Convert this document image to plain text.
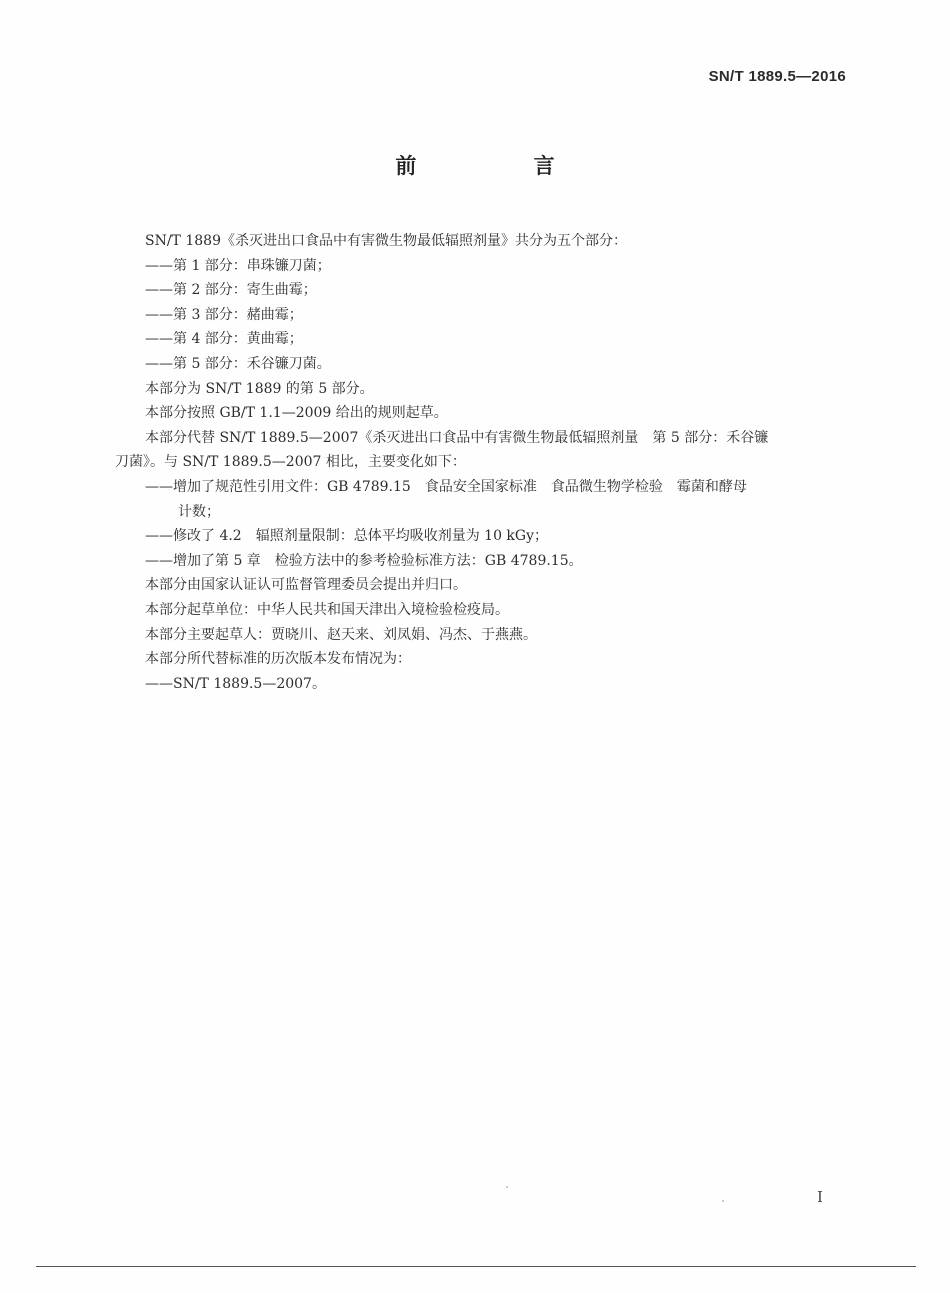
SN/T 1889.5—2016
前 言
SN/T 1889《杀灭进出口食品中有害微生物最低辐照剂量》共分为五个部分：
——第 1 部分：串珠镰刀菌；
——第 2 部分：寄生曲霉；
——第 3 部分：赭曲霉；
——第 4 部分：黄曲霉；
——第 5 部分：禾谷镰刀菌。
本部分为 SN/T 1889 的第 5 部分。
本部分按照 GB/T 1.1—2009 给出的规则起草。
本部分代替 SN/T 1889.5—2007《杀灭进出口食品中有害微生物最低辐照剂量　第 5 部分：禾谷镰
刀菌》。与 SN/T 1889.5—2007 相比，主要变化如下：
——增加了规范性引用文件：GB 4789.15　食品安全国家标准　食品微生物学检验　霉菌和酵母
计数；
——修改了 4.2　辐照剂量限制：总体平均吸收剂量为 10 kGy；
——增加了第 5 章　检验方法中的参考检验标准方法：GB 4789.15。
本部分由国家认证认可监督管理委员会提出并归口。
本部分起草单位：中华人民共和国天津出入境检验检疫局。
本部分主要起草人：贾晓川、赵天来、刘凤娟、冯杰、于燕燕。
本部分所代替标准的历次版本发布情况为：
——SN/T 1889.5—2007。
I
